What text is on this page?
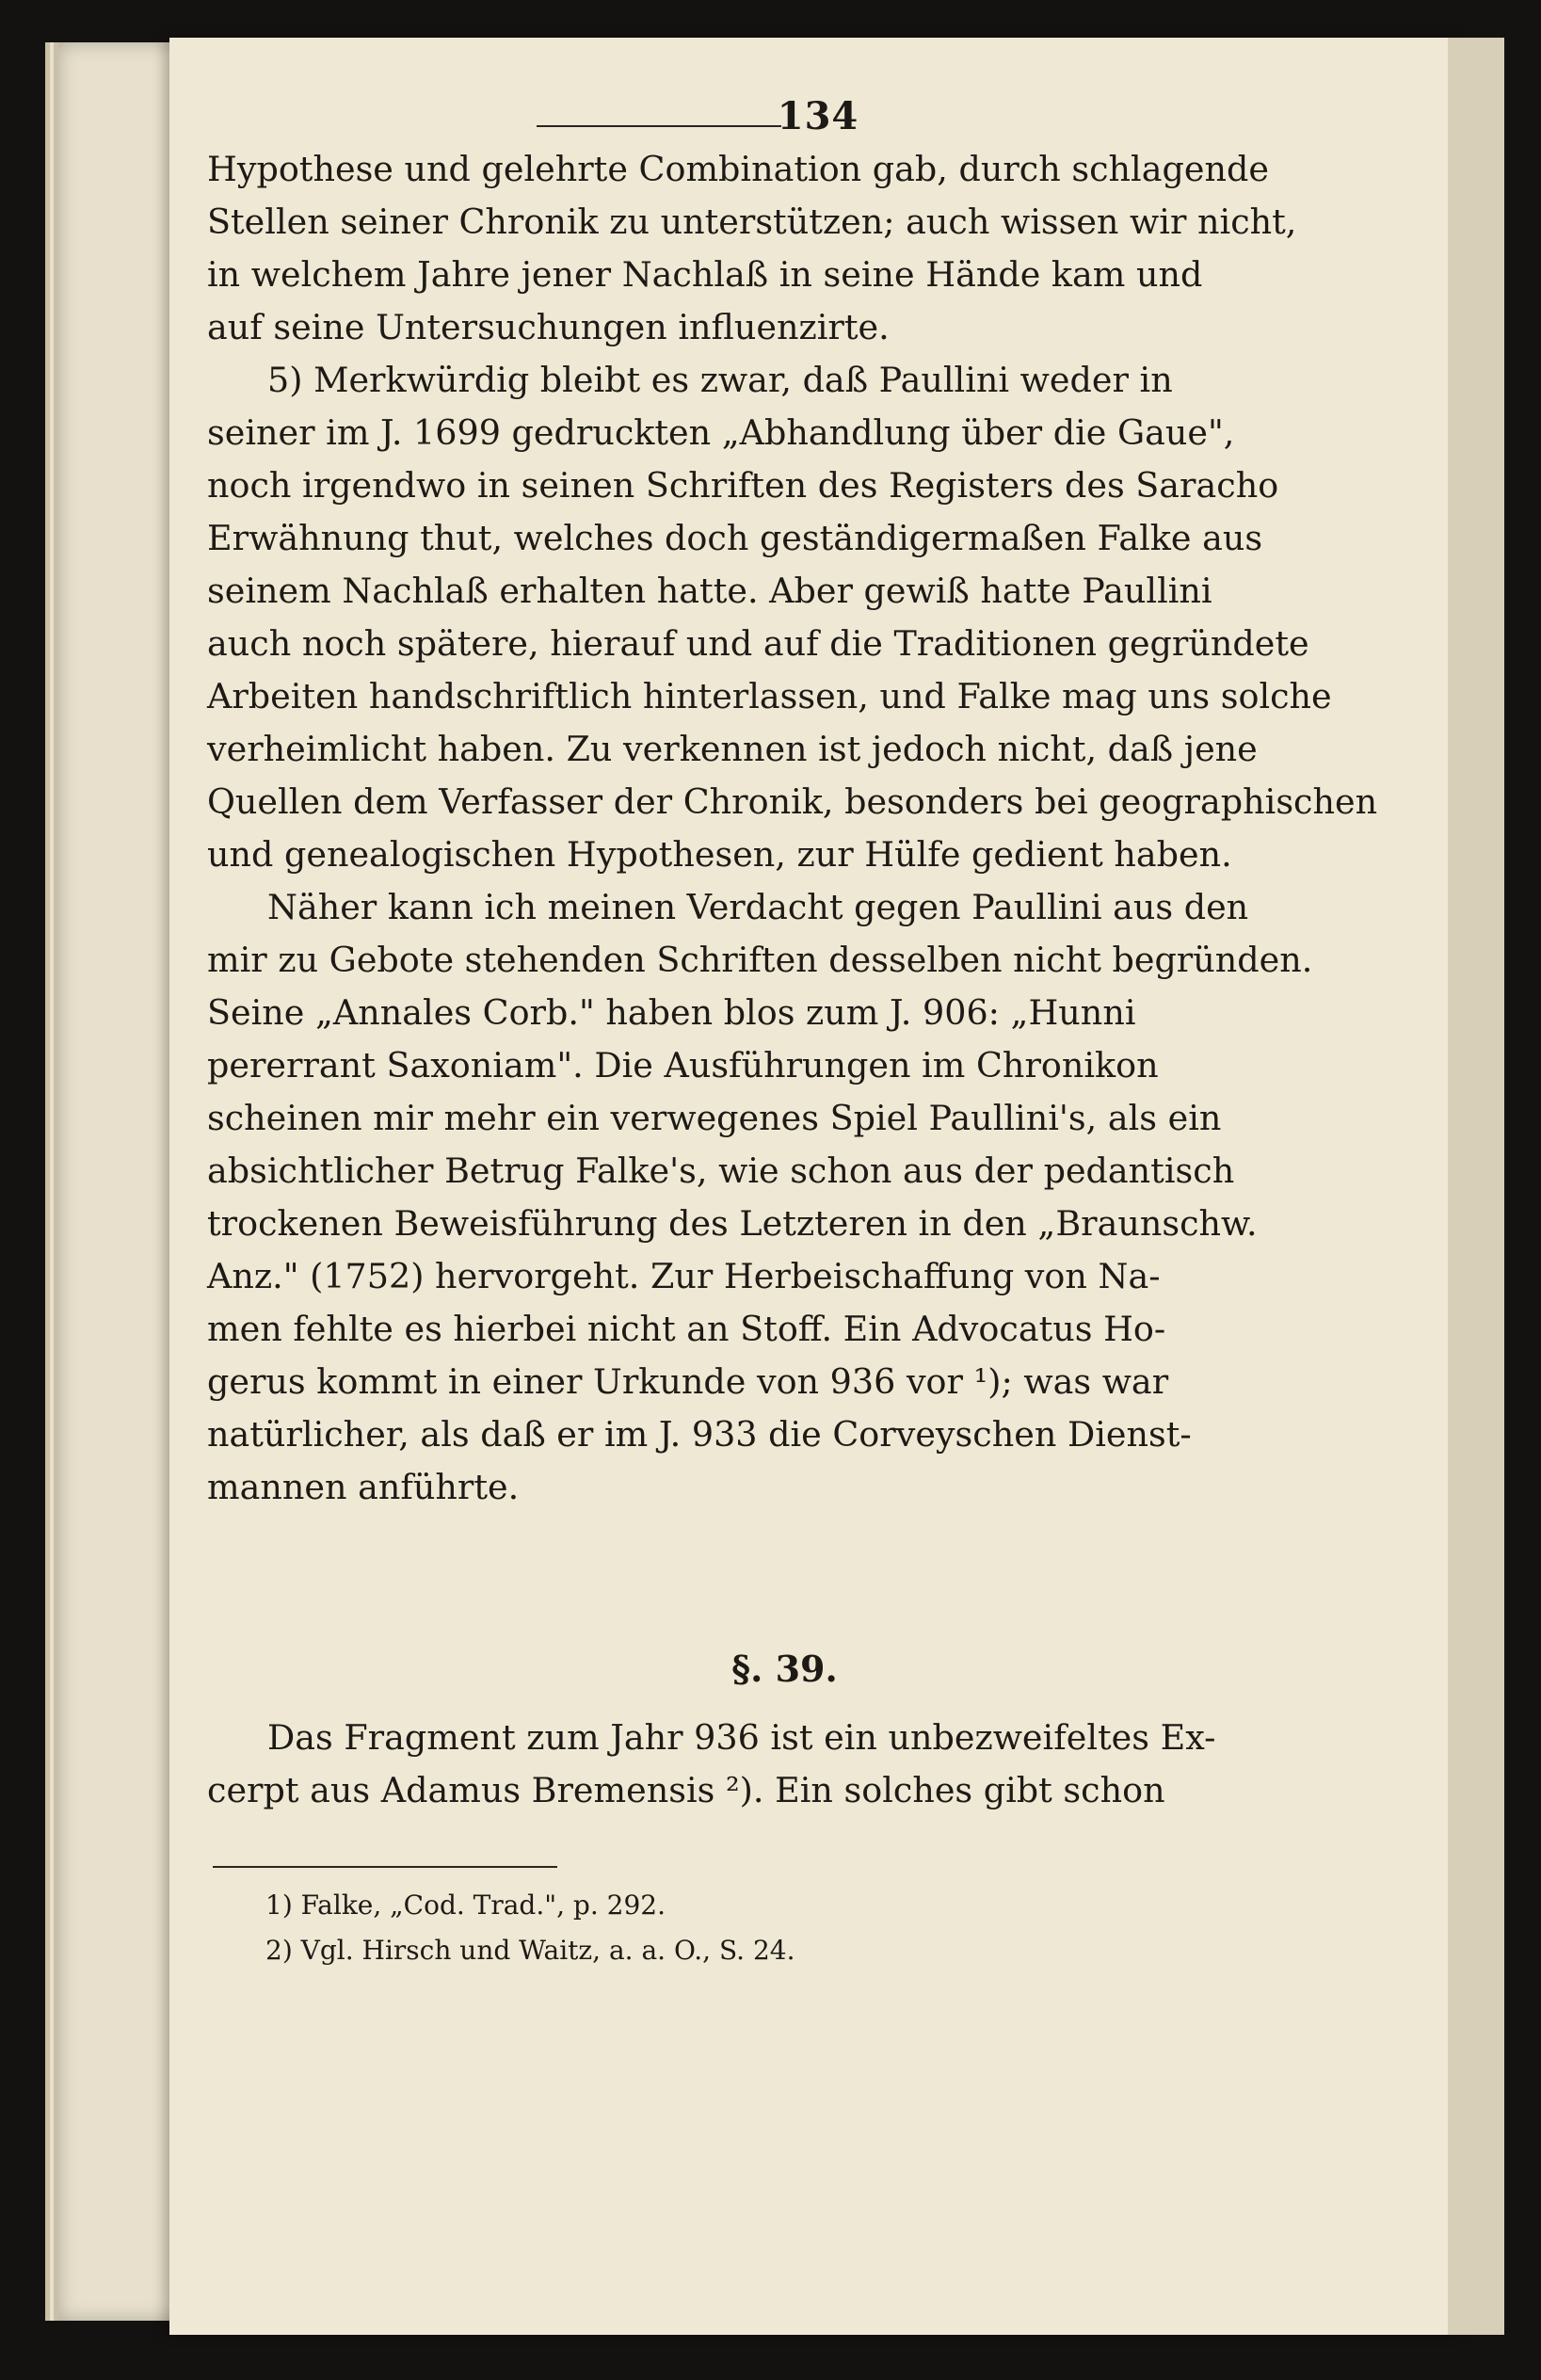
134
Hypothese und gelehrte Combination gab, durch schlagende
Stellen seiner Chronik zu unterstützen; auch wissen wir nicht,
in welchem Jahre jener Nachlaß in seine Hände kam und
auf seine Untersuchungen influenzirte.
5) Merkwürdig bleibt es zwar, daß Paullini weder in
seiner im J. 1699 gedruckten „Abhandlung über die Gaue",
noch irgendwo in seinen Schriften des Registers des Saracho
Erwähnung thut, welches doch geständigermaßen Falke aus
seinem Nachlaß erhalten hatte. Aber gewiß hatte Paullini
auch noch spätere, hierauf und auf die Traditionen gegründete
Arbeiten handschriftlich hinterlassen, und Falke mag uns solche
verheimlicht haben. Zu verkennen ist jedoch nicht, daß jene
Quellen dem Verfasser der Chronik, besonders bei geographischen
und genealogischen Hypothesen, zur Hülfe gedient haben.
Näher kann ich meinen Verdacht gegen Paullini aus den
mir zu Gebote stehenden Schriften desselben nicht begründen.
Seine „Annales Corb." haben blos zum J. 906: „Hunni
pererrant Saxoniam". Die Ausführungen im Chronikon
scheinen mir mehr ein verwegenes Spiel Paullini's, als ein
absichtlicher Betrug Falke's, wie schon aus der pedantisch
trockenen Beweisführung des Letzteren in den „Braunschw.
Anz." (1752) hervorgeht. Zur Herbeischaffung von Na-
men fehlte es hierbei nicht an Stoff. Ein Advocatus Ho-
gerus kommt in einer Urkunde von 936 vor ¹); was war
natürlicher, als daß er im J. 933 die Corveyschen Dienst-
mannen anführte.
§. 39.
Das Fragment zum Jahr 936 ist ein unbezweifeltes Ex-
cerpt aus Adamus Bremensis ²). Ein solches gibt schon
1) Falke, „Cod. Trad.", p. 292.
2) Vgl. Hirsch und Waitz, a. a. O., S. 24.
